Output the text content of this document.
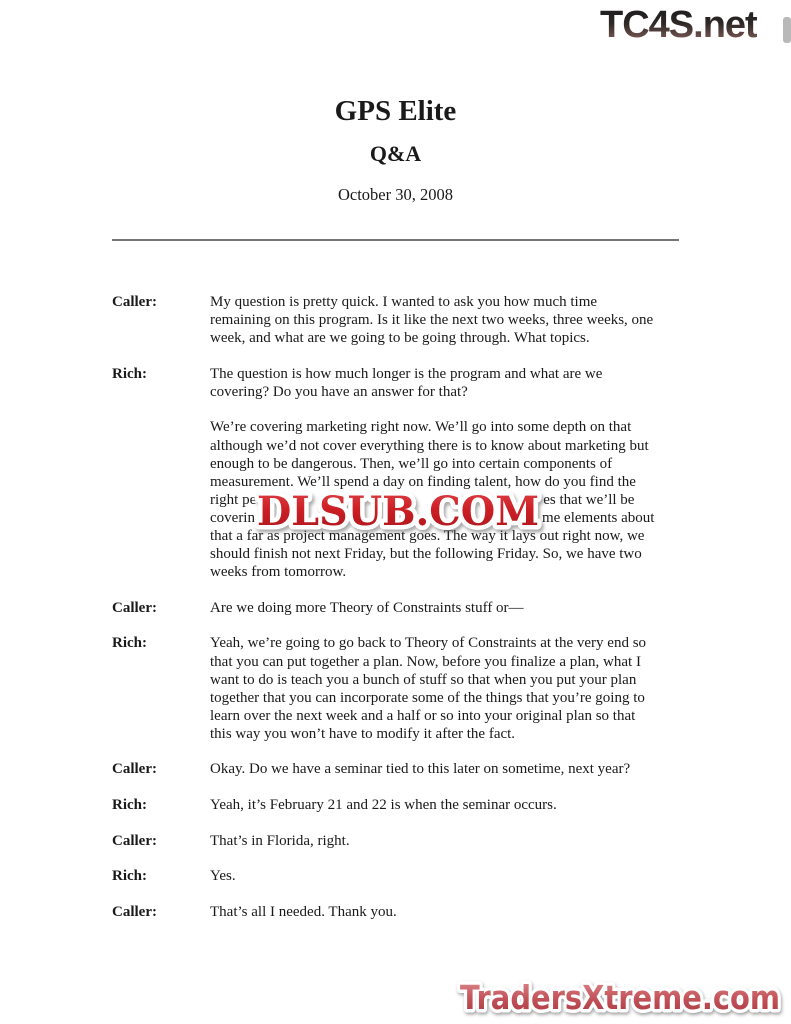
TC4S.net
GPS Elite
Q&A
October 30, 2008
Caller:	My question is pretty quick. I wanted to ask you how much time
remaining on this program. Is it like the next two weeks, three weeks, one
week, and what are we going to be going through. What topics.
Rich:	The question is how much longer is the program and what are we
covering? Do you have an answer for that?
We’re covering marketing right now. We’ll go into some depth on that
although we’d not cover everything there is to know about marketing but
enough to be dangerous. Then, we’ll go into certain components of
measurement. We’ll spend a day on finding talent, how do you find the
right pe	es that we’ll be
coverin	me elements about
that a far as project management goes. The way it lays out right now, we
should finish not next Friday, but the following Friday. So, we have two
weeks from tomorrow.
Caller:	Are we doing more Theory of Constraints stuff or—
Rich:	Yeah, we’re going to go back to Theory of Constraints at the very end so
that you can put together a plan. Now, before you finalize a plan, what I
want to do is teach you a bunch of stuff so that when you put your plan
together that you can incorporate some of the things that you’re going to
learn over the next week and a half or so into your original plan so that
this way you won’t have to modify it after the fact.
Caller:	Okay. Do we have a seminar tied to this later on sometime, next year?
Rich:	Yeah, it’s February 21 and 22 is when the seminar occurs.
Caller:	That’s in Florida, right.
Rich:	Yes.
Caller:	That’s all I needed. Thank you.
DLSUB.COM
TradersXtreme.com
